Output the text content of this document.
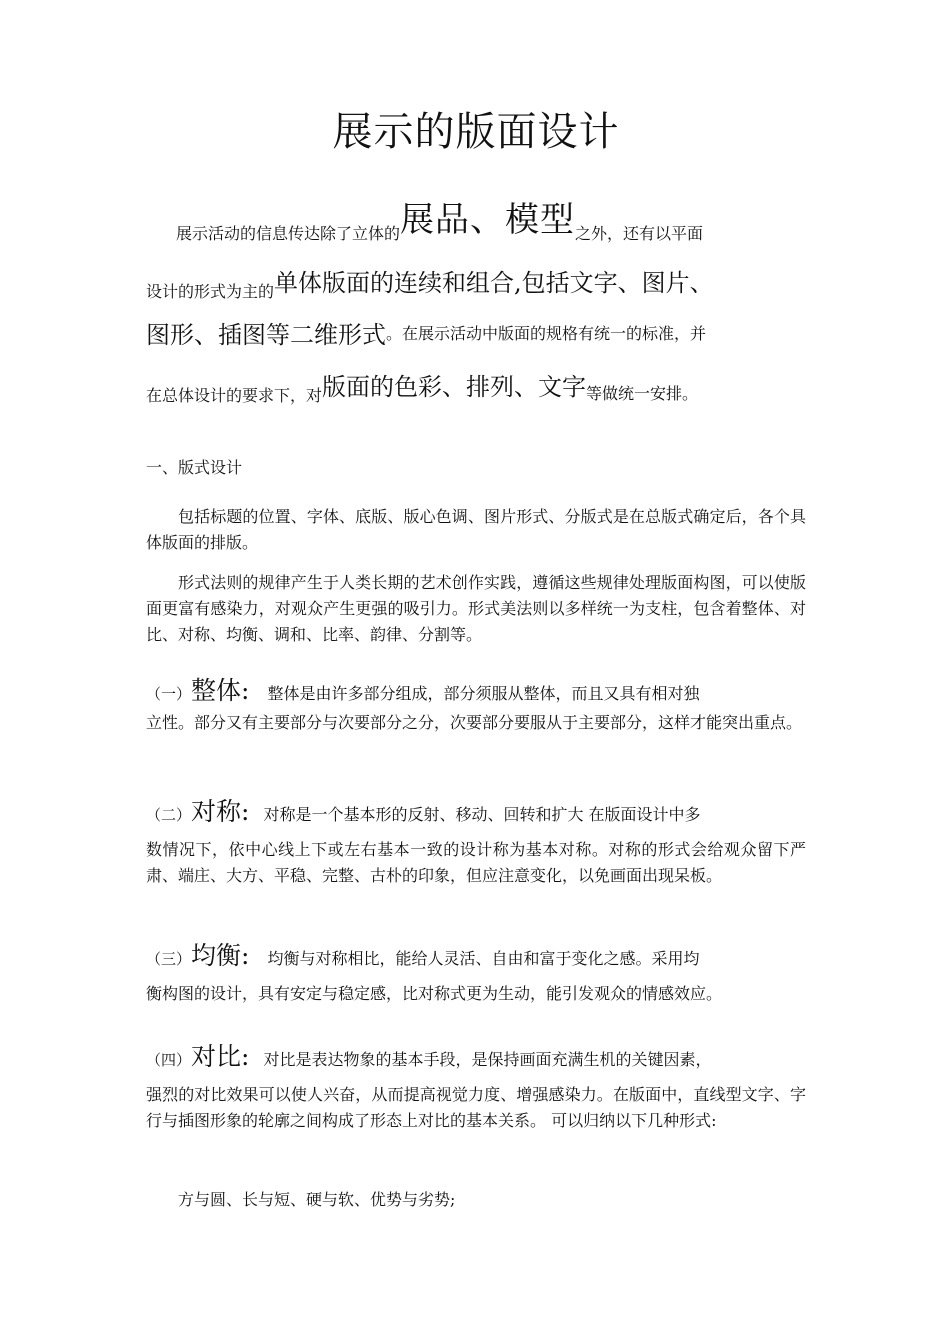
展示的版面设计
展示活动的信息传达除了立体的展品、模型之外，还有以平面
设计的形式为主的单体版面的连续和组合,包括文字、图片、
图形、插图等二维形式。在展示活动中版面的规格有统一的标准，并
在总体设计的要求下，对版面的色彩、排列、文字等做统一安排。
一、版式设计
包括标题的位置、字体、底版、版心色调、图片形式、分版式是在总版式确定后，各个具体版面的排版。
形式法则的规律产生于人类长期的艺术创作实践，遵循这些规律处理版面构图，可以使版面更富有感染力，对观众产生更强的吸引力。形式美法则以多样统一为支柱，包含着整体、对比、对称、均衡、调和、比率、韵律、分割等。
（一）整体: 整体是由许多部分组成，部分须服从整体，而且又具有相对独
立性。部分又有主要部分与次要部分之分，次要部分要服从于主要部分，这样才能突出重点。
（二）对称: 对称是一个基本形的反射、移动、回转和扩大 在版面设计中多
数情况下，依中心线上下或左右基本一致的设计称为基本对称。对称的形式会给观众留下严肃、端庄、大方、平稳、完整、古朴的印象，但应注意变化，以免画面出现呆板。
（三）均衡: 均衡与对称相比，能给人灵活、自由和富于变化之感。采用均
衡构图的设计，具有安定与稳定感，比对称式更为生动，能引发观众的情感效应。
（四）对比: 对比是表达物象的基本手段，是保持画面充满生机的关键因素，
强烈的对比效果可以使人兴奋，从而提高视觉力度、增强感染力。在版面中，直线型文字、字行与插图形象的轮廓之间构成了形态上对比的基本关系。 可以归纳以下几种形式:
方与圆、长与短、硬与软、优势与劣势;
